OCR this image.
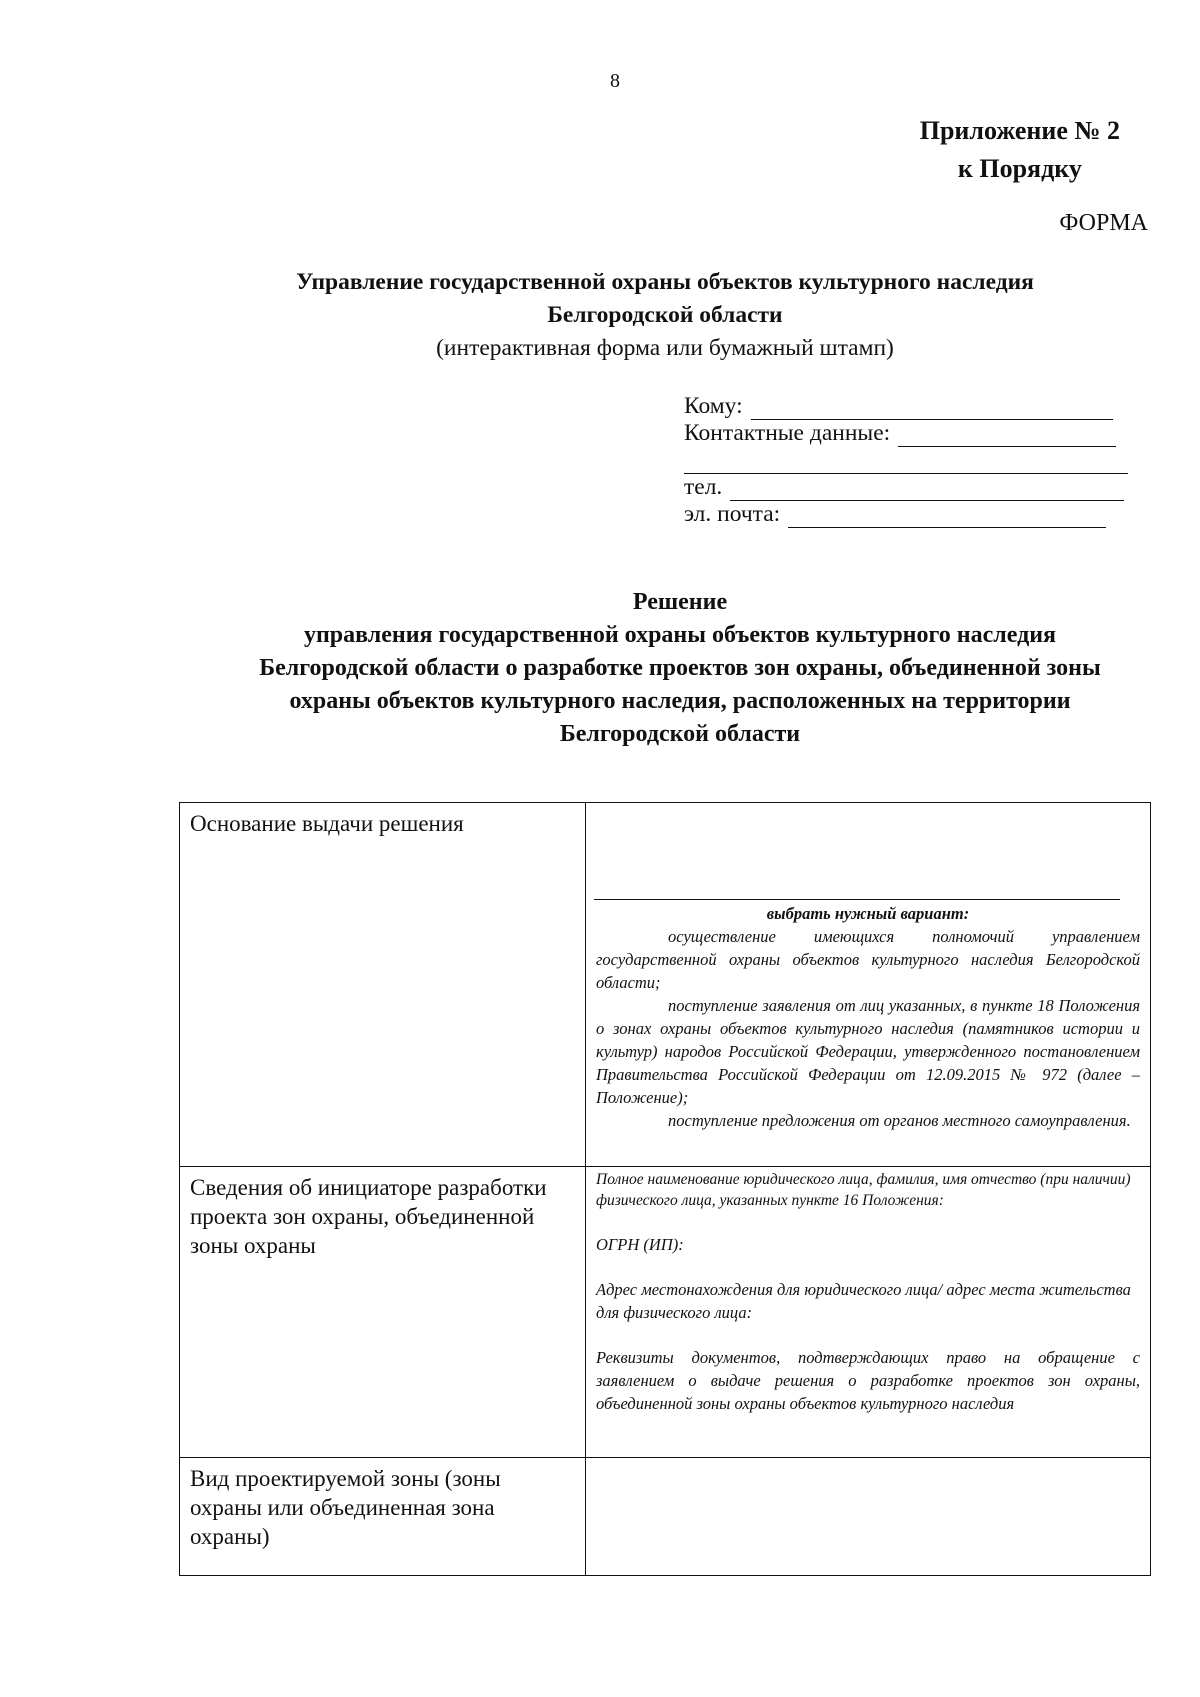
8
Приложение № 2
к Порядку
ФОРМА
Управление государственной охраны объектов культурного наследия
Белгородской области
(интерактивная форма или бумажный штамп)
Кому:
Контактные данные:
тел.
эл. почта:
Решение
управления государственной охраны объектов культурного наследия
Белгородской области о разработке проектов зон охраны, объединенной зоны
охраны объектов культурного наследия, расположенных на территории
Белгородской области
Основание выдачи решения	выбрать нужный вариант:
осуществление имеющихся полномочий управлением государственной охраны объектов культурного наследия Белгородской области;
поступление заявления от лиц указанных, в пункте 18 Положения о зонах охраны объектов культурного наследия (памятников истории и культур) народов Российской Федерации, утвержденного постановлением Правительства Российской Федерации от 12.09.2015 № 972 (далее – Положение);
поступление предложения от органов местного самоуправления.

Сведения об инициаторе разработки проекта зон охраны, объединенной зоны охраны	Полное наименование юридического лица, фамилия, имя отчество (при наличии) физического лица, указанных пункте 16 Положения:
ОГРН (ИП):
Адрес местонахождения для юридического лица/ адрес места жительства для физического лица:
Реквизиты документов, подтверждающих право на обращение с заявлением о выдаче решения о разработке проектов зон охраны, объединенной зоны охраны объектов культурного наследия

Вид проектируемой зоны (зоны охраны или объединенная зона охраны)	
